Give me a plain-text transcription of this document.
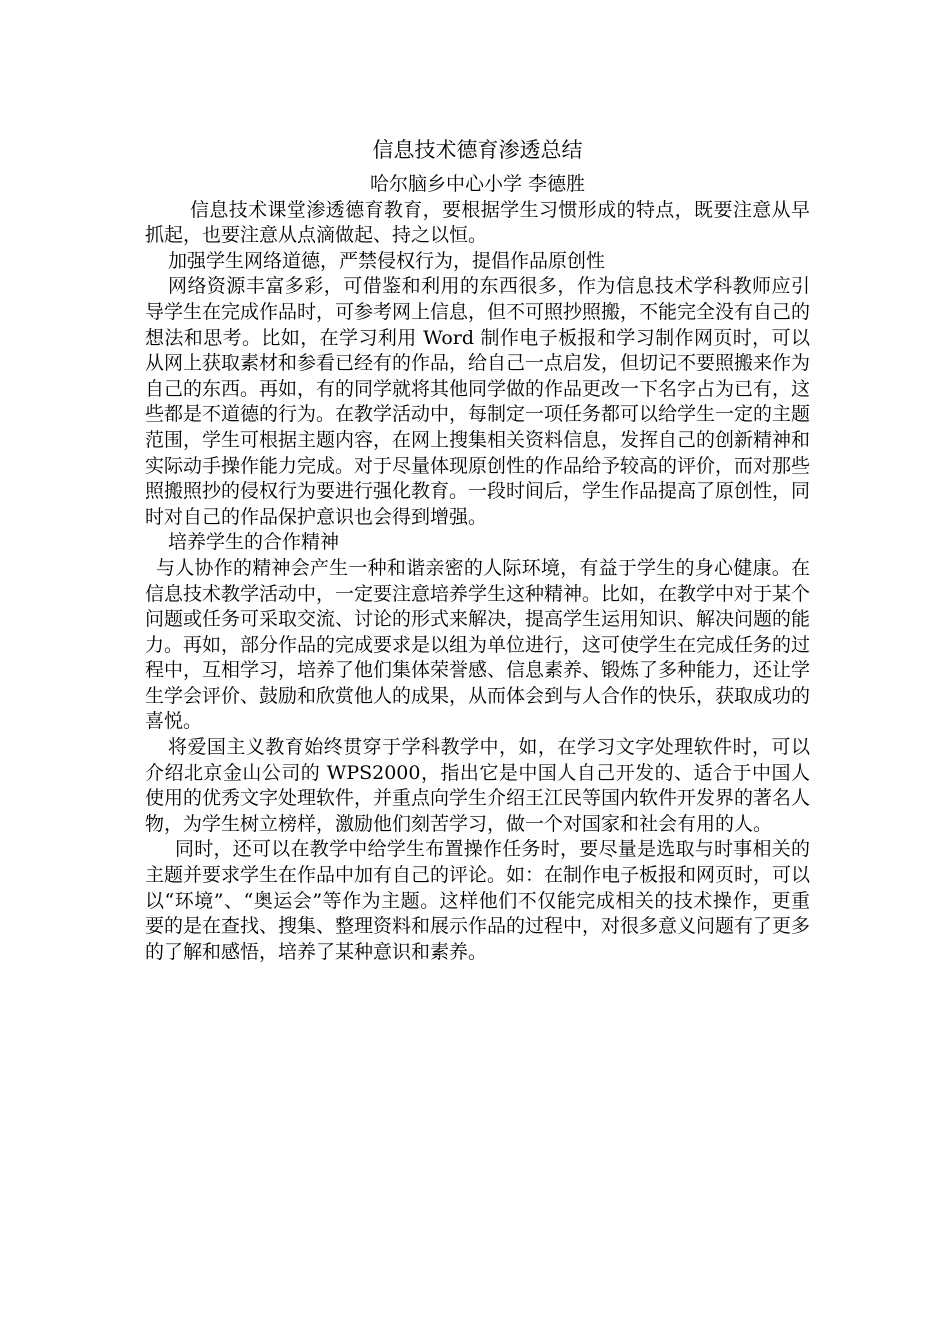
信息技术德育渗透总结

哈尔脑乡中心小学 李德胜

信息技术课堂渗透德育教育，要根据学生习惯形成的特点，既要注意从早抓起，也要注意从点滴做起、持之以恒。

加强学生网络道德，严禁侵权行为，提倡作品原创性

网络资源丰富多彩，可借鉴和利用的东西很多，作为信息技术学科教师应引导学生在完成作品时，可参考网上信息，但不可照抄照搬，不能完全没有自己的想法和思考。比如，在学习利用 Word 制作电子板报和学习制作网页时，可以从网上获取素材和参看已经有的作品，给自己一点启发，但切记不要照搬来作为自己的东西。再如，有的同学就将其他同学做的作品更改一下名字占为已有，这些都是不道德的行为。在教学活动中，每制定一项任务都可以给学生一定的主题范围，学生可根据主题内容，在网上搜集相关资料信息，发挥自己的创新精神和实际动手操作能力完成。对于尽量体现原创性的作品给予较高的评价，而对那些照搬照抄的侵权行为要进行强化教育。一段时间后，学生作品提高了原创性，同时对自己的作品保护意识也会得到增强。

培养学生的合作精神

与人协作的精神会产生一种和谐亲密的人际环境，有益于学生的身心健康。在信息技术教学活动中，一定要注意培养学生这种精神。比如，在教学中对于某个问题或任务可采取交流、讨论的形式来解决，提高学生运用知识、解决问题的能力。再如，部分作品的完成要求是以组为单位进行，这可使学生在完成任务的过程中，互相学习，培养了他们集体荣誉感、信息素养、锻炼了多种能力，还让学生学会评价、鼓励和欣赏他人的成果，从而体会到与人合作的快乐，获取成功的喜悦。

将爱国主义教育始终贯穿于学科教学中，如，在学习文字处理软件时，可以介绍北京金山公司的 WPS2000，指出它是中国人自己开发的、适合于中国人使用的优秀文字处理软件，并重点向学生介绍王江民等国内软件开发界的著名人物，为学生树立榜样，激励他们刻苦学习，做一个对国家和社会有用的人。

同时，还可以在教学中给学生布置操作任务时，要尽量是选取与时事相关的主题并要求学生在作品中加有自己的评论。如：在制作电子板报和网页时，可以以“环境”、“奥运会”等作为主题。这样他们不仅能完成相关的技术操作，更重要的是在查找、搜集、整理资料和展示作品的过程中，对很多意义问题有了更多的了解和感悟，培养了某种意识和素养。
